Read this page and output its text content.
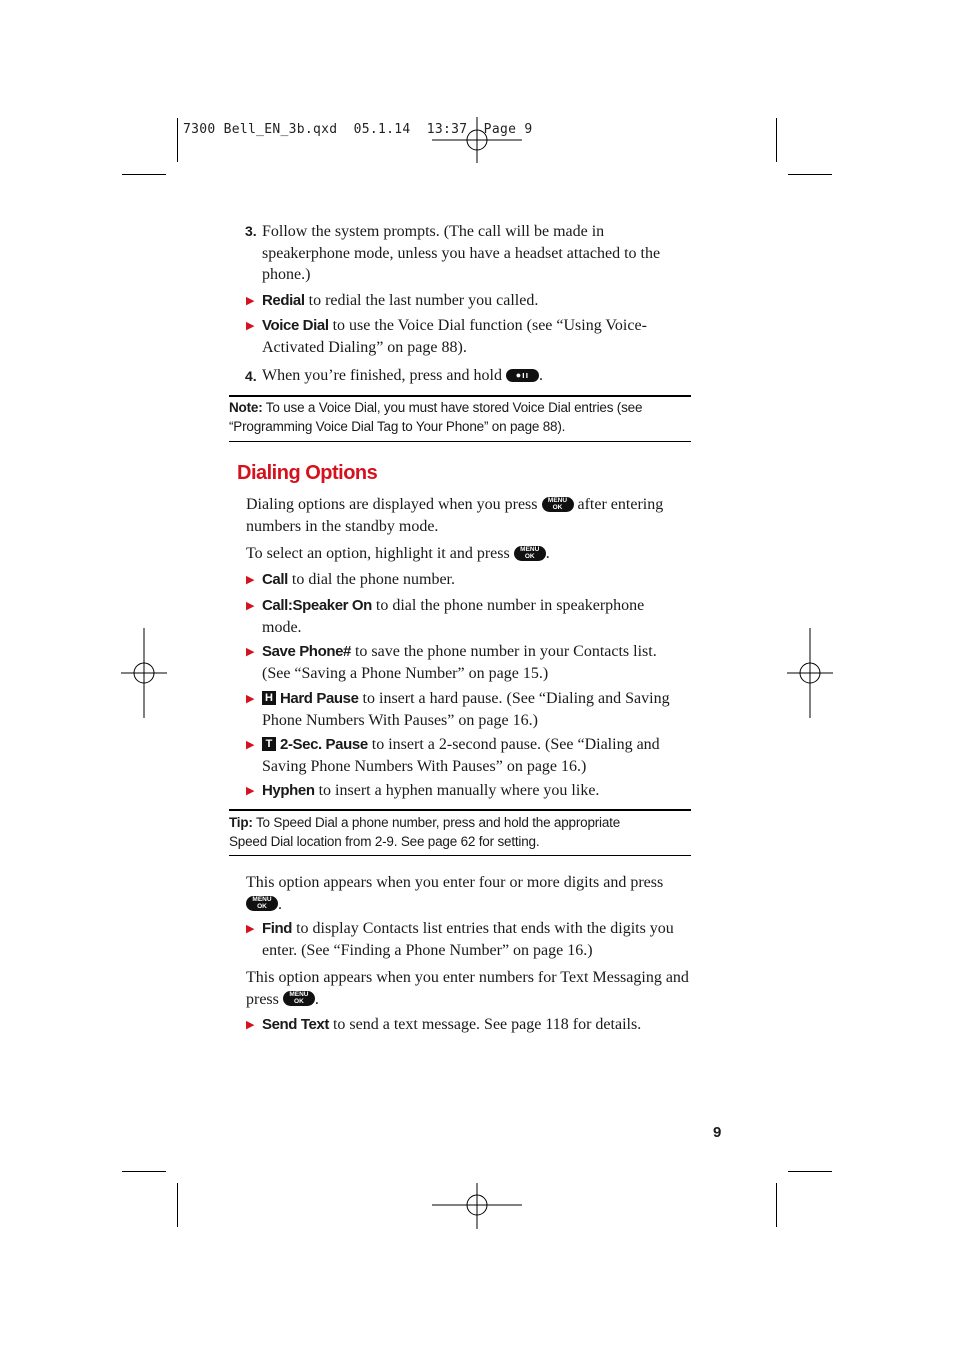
7300 Bell_EN_3b.qxd  05.1.14  13:37  Page 9
3. Follow the system prompts. (The call will be made in speakerphone mode, unless you have a headset attached to the phone.)
▶ Redial to redial the last number you called.
▶ Voice Dial to use the Voice Dial function (see “Using Voice-Activated Dialing” on page 88).
4. When you’re finished, press and hold ●ıı .
Note: To use a Voice Dial, you must have stored Voice Dial entries (see “Programming Voice Dial Tag to Your Phone” on page 88).
Dialing Options
Dialing options are displayed when you press MENU
OK after entering numbers in the standby mode.
To select an option, highlight it and press MENU
OK .
▶ Call to dial the phone number.
▶ Call:Speaker On to dial the phone number in speakerphone mode.
▶ Save Phone# to save the phone number in your Contacts list. (See “Saving a Phone Number” on page 15.)
▶ H Hard Pause to insert a hard pause. (See “Dialing and Saving Phone Numbers With Pauses” on page 16.)
▶	T 2-Sec. Pause to insert a 2-second pause. (See “Dialing and Saving Phone Numbers With Pauses” on page 16.)
▶ Hyphen to insert a hyphen manually where you like.
Tip: To Speed Dial a phone number, press and hold the appropriate Speed Dial location from 2-9. See page 62 for setting.
This option appears when you enter four or more digits and press MENU
OK .
▶ Find to display Contacts list entries that ends with the digits you enter. (See “Finding a Phone Number” on page 16.)
This option appears when you enter numbers for Text Messaging and press MENU
OK .
▶ Send Text to send a text message. See page 118 for details.
9
